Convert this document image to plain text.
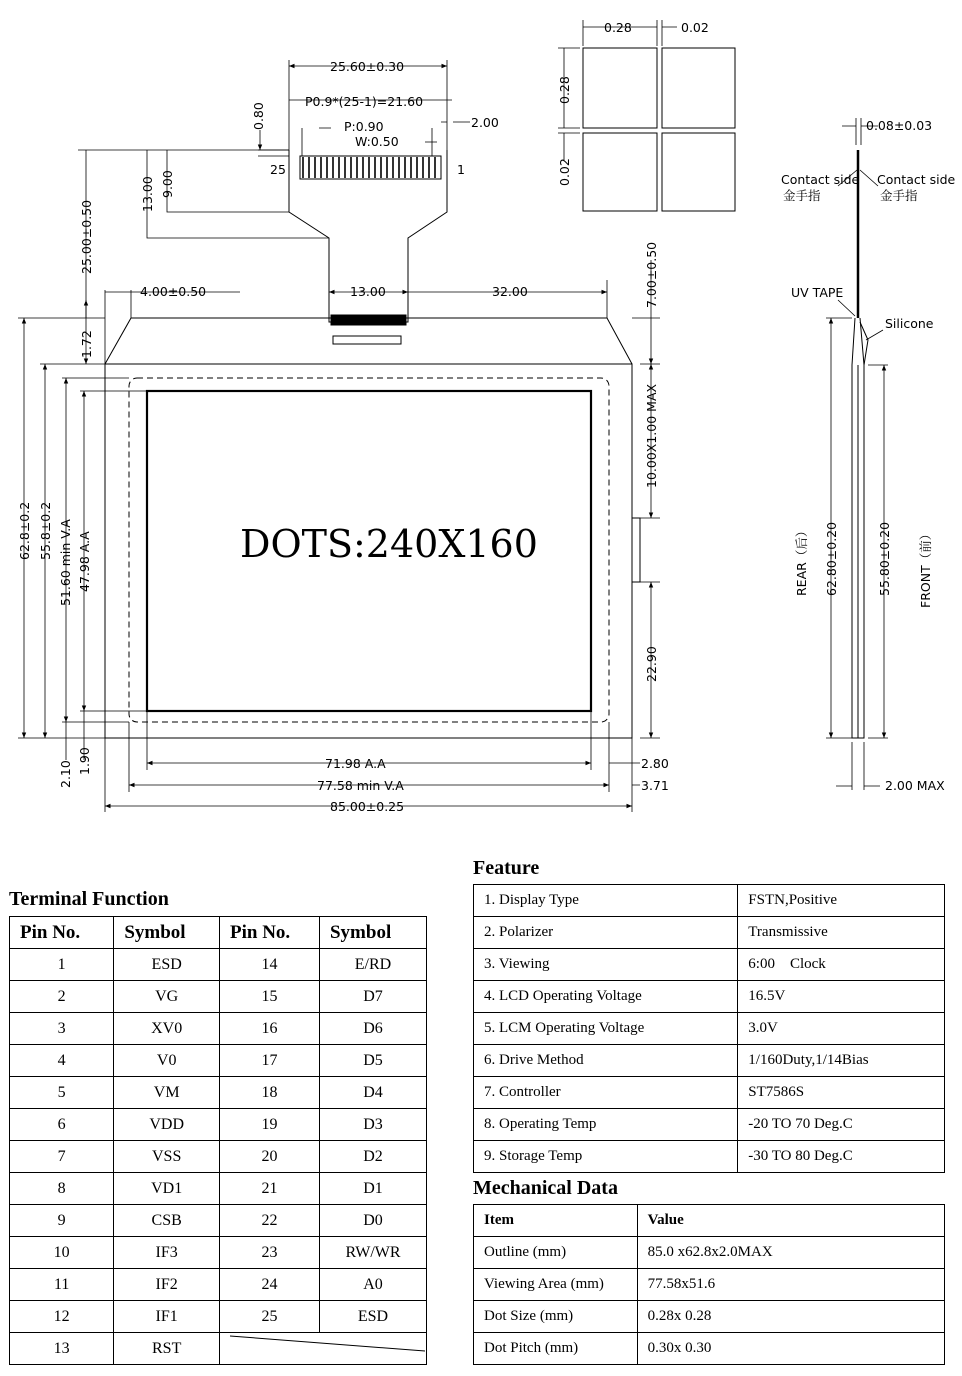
DOTS:240X160
25.60±0.30
P0.9*(25-1)=21.60
P:0.90
W:0.50
2.00
25	1
4.00±0.50	13.00	32.00
71.98 A.A
77.58 min V.A
85.00±0.25
2.80
3.71
0.28	0.02
0.08±0.03
2.00 MAX
Contact side
金手指
Contact side
金手指
UV TAPE
Silicone
0.80
13.00 9.00
25.00±0.50
1.72
62.8±0.2 55.8±0.2 51.60 min V.A 47.98 A.A
2.10 1.90
7.00±0.50
10.00X1.00 MAX
22.90
0.28
0.02
62.80±0.20	55.80±0.20
REAR（后）	FRONT（前）
Terminal Function
Pin No.	Symbol	Pin No.	Symbol
1	ESD	14	E/RD
2	VG	15	D7
3	XV0	16	D6
4	V0	17	D5
5	VM	18	D4
6	VDD	19	D3
7	VSS	20	D2
8	VD1	21	D1
9	CSB	22	D0
10	IF3	23	RW/WR
11	IF2	24	A0
12	IF1	25	ESD
13	RST	
Feature
1. Display Type	FSTN,Positive
2. Polarizer	Transmissive
3. Viewing	6:00    Clock
4. LCD Operating Voltage	16.5V
5. LCM Operating Voltage	3.0V
6. Drive Method	1/160Duty,1/14Bias
7. Controller	ST7586S
8. Operating Temp	-20 TO 70 Deg.C
9. Storage Temp	-30 TO 80 Deg.C
Mechanical Data
Item	Value
Outline (mm)	85.0 x62.8x2.0MAX
Viewing Area (mm)	77.58x51.6
Dot Size (mm)	0.28x 0.28
Dot Pitch (mm)	0.30x 0.30
